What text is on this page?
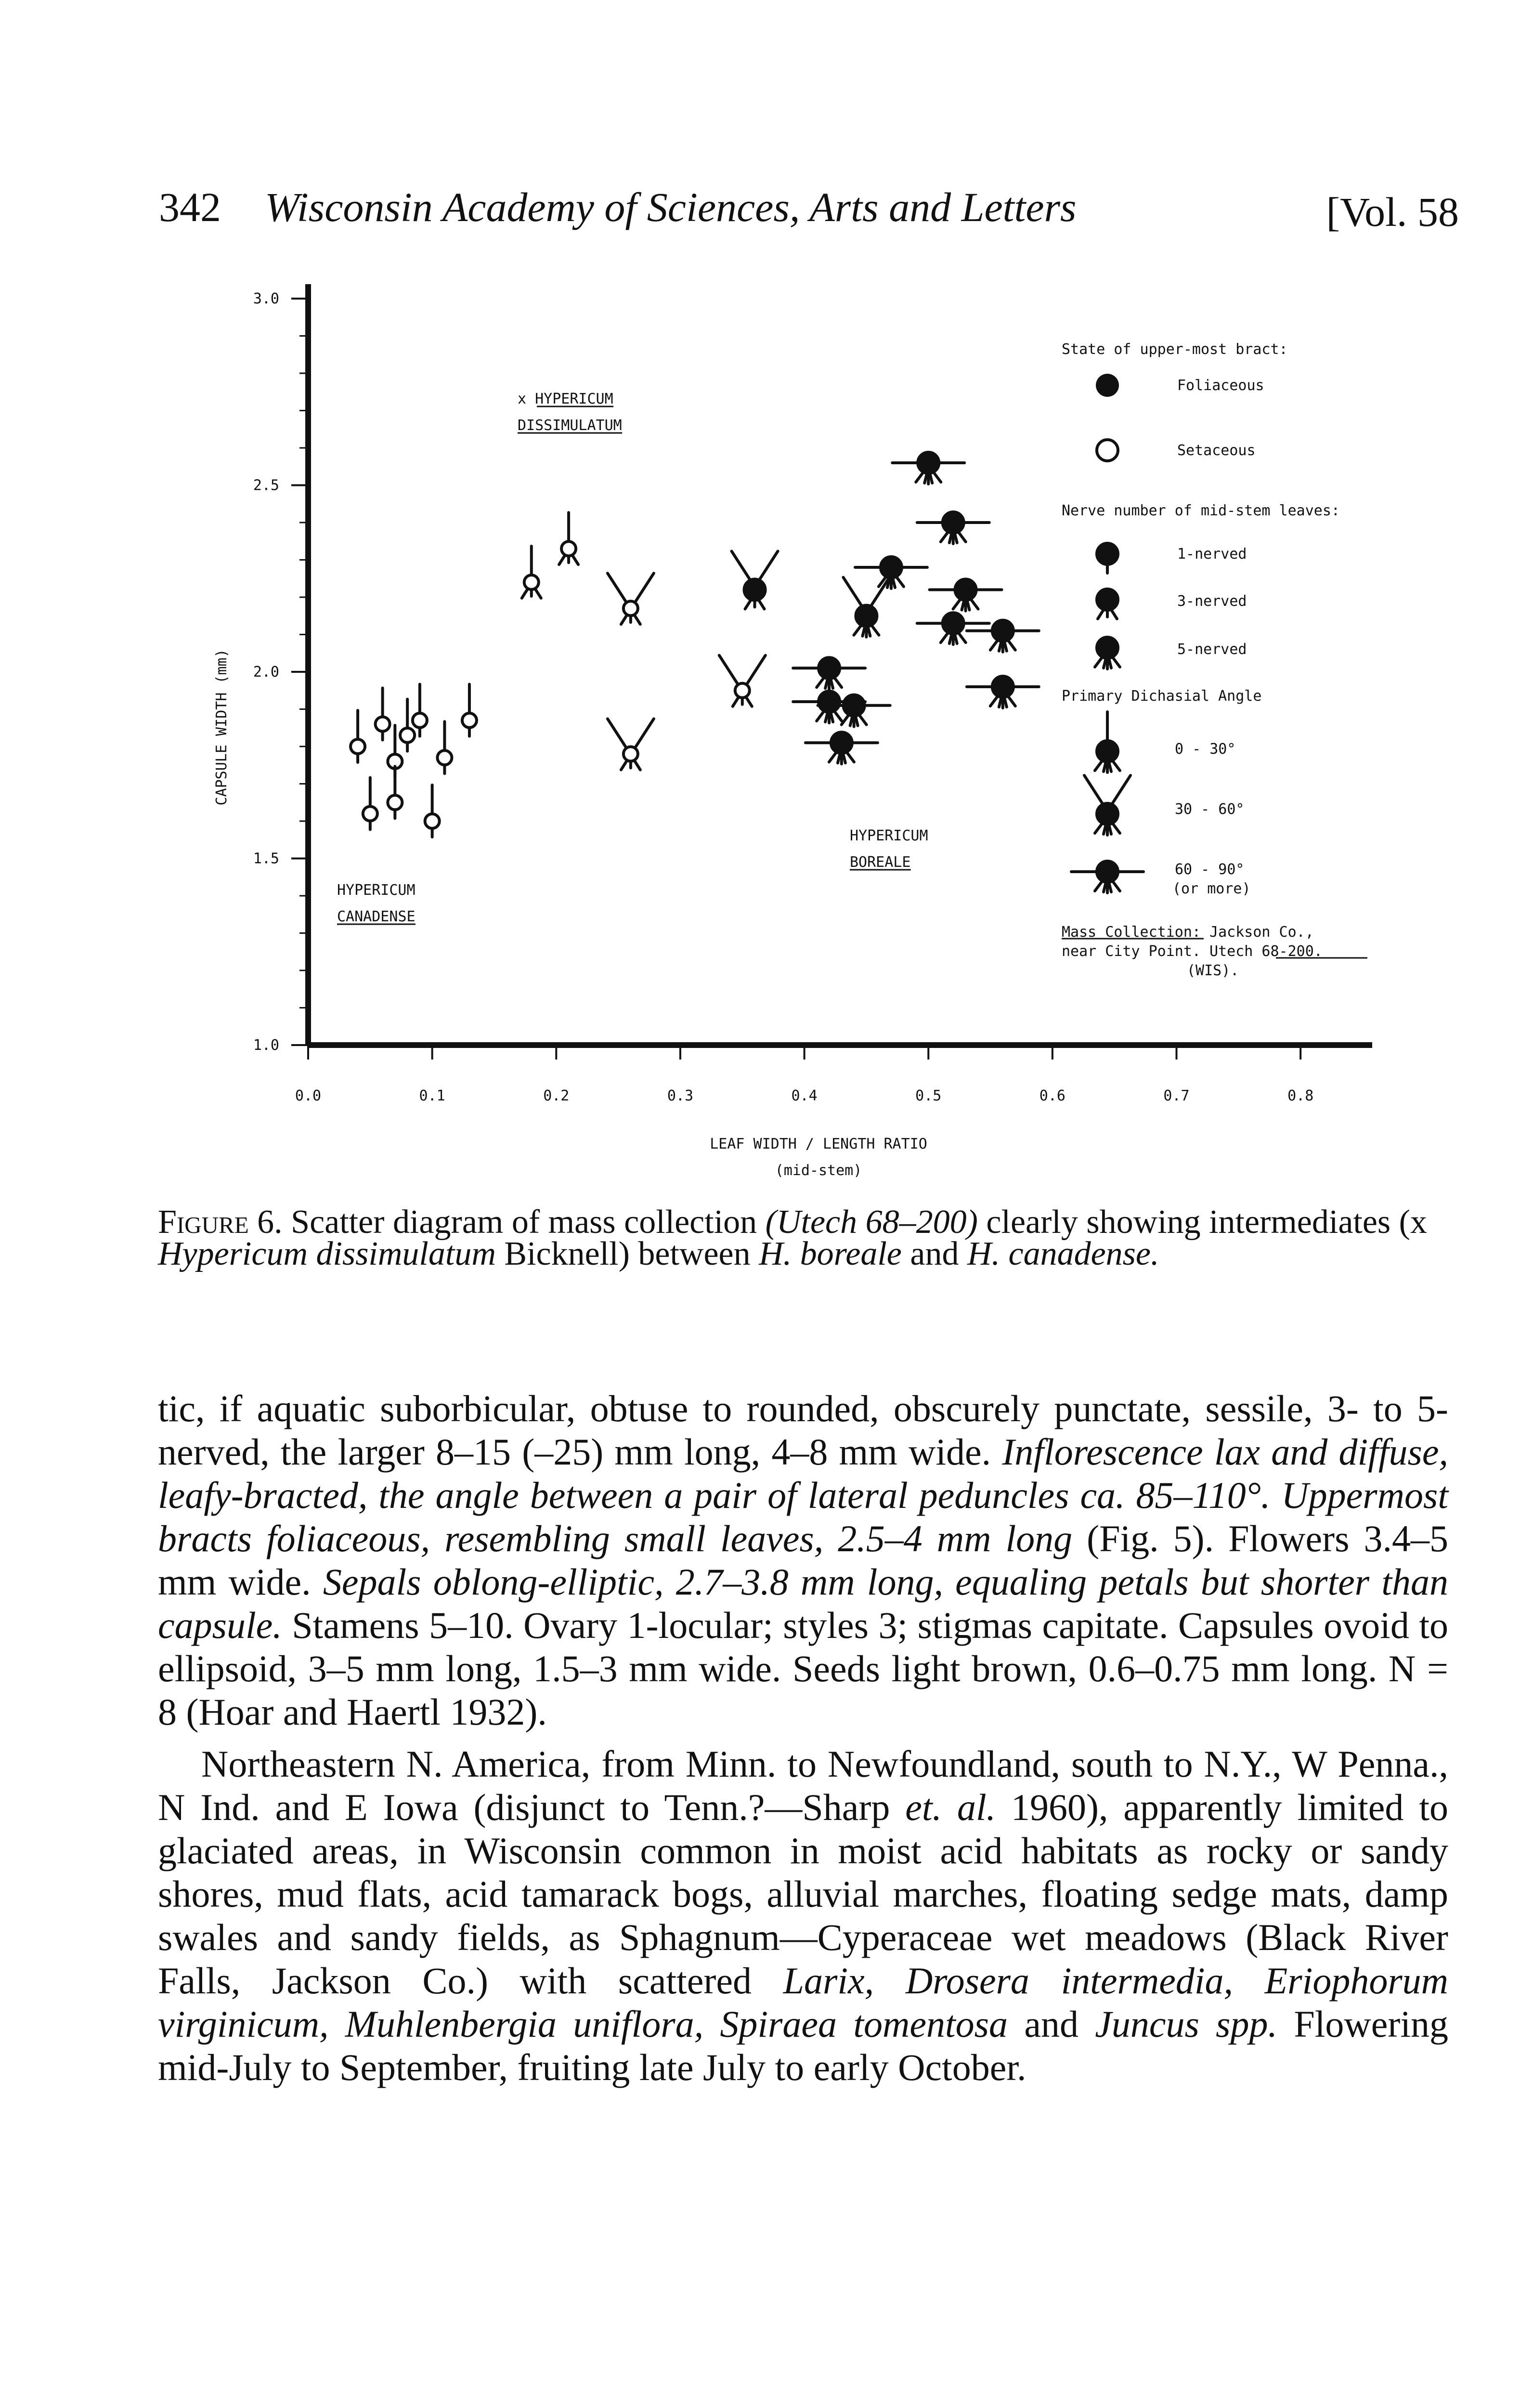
342 Wisconsin Academy of Sciences, Arts and Letters	[Vol. 58
1.0
1.5
2.0
2.5
3.0
0.0	0.1	0.2	0.3	0.4	0.5	0.6	0.7	0.8
HYPERICUM
CANADENSE
x HYPERICUM
DISSIMULATUM
HYPERICUM
BOREALE
State of upper-most bract:
Foliaceous
Setaceous
Nerve number of mid-stem leaves:
1-nerved
3-nerved
5-nerved
Primary Dichasial Angle
0 - 30°
30 - 60°
60 - 90°
(or more)
Mass Collection: Jackson Co.,
near City Point. Utech 68-200.
(WIS).
LEAF WIDTH / LENGTH RATIO
(mid-stem)
CAPSULE WIDTH (mm)
Figure 6. Scatter diagram of mass collection (Utech 68–200) clearly showing intermediates (x Hypericum dissimulatum Bicknell) between H. boreale and H. canadense.

tic, if aquatic suborbicular, obtuse to rounded, obscurely punctate, sessile, 3- to 5-nerved, the larger 8–15 (–25) mm long, 4–8 mm wide. Inflorescence lax and diffuse, leafy-bracted, the angle between a pair of lateral peduncles ca. 85–110°. Uppermost bracts foliaceous, resembling small leaves, 2.5–4 mm long (Fig. 5). Flowers 3.4–5 mm wide. Sepals oblong-elliptic, 2.7–3.8 mm long, equaling petals but shorter than capsule. Stamens 5–10. Ovary 1-locular; styles 3; stigmas capitate. Capsules ovoid to ellipsoid, 3–5 mm long, 1.5–3 mm wide. Seeds light brown, 0.6–0.75 mm long. N = 8 (Hoar and Haertl 1932).

Northeastern N. America, from Minn. to Newfoundland, south to N.Y., W Penna., N Ind. and E Iowa (disjunct to Tenn.?—Sharp et. al. 1960), apparently limited to glaciated areas, in Wisconsin common in moist acid habitats as rocky or sandy shores, mud flats, acid tamarack bogs, alluvial marches, floating sedge mats, damp swales and sandy fields, as Sphagnum—Cyperaceae wet meadows (Black River Falls, Jackson Co.) with scattered Larix, Drosera intermedia, Eriophorum virginicum, Muhlenbergia uniflora, Spiraea tomentosa and Juncus spp. Flowering mid-July to September, fruiting late July to early October.
